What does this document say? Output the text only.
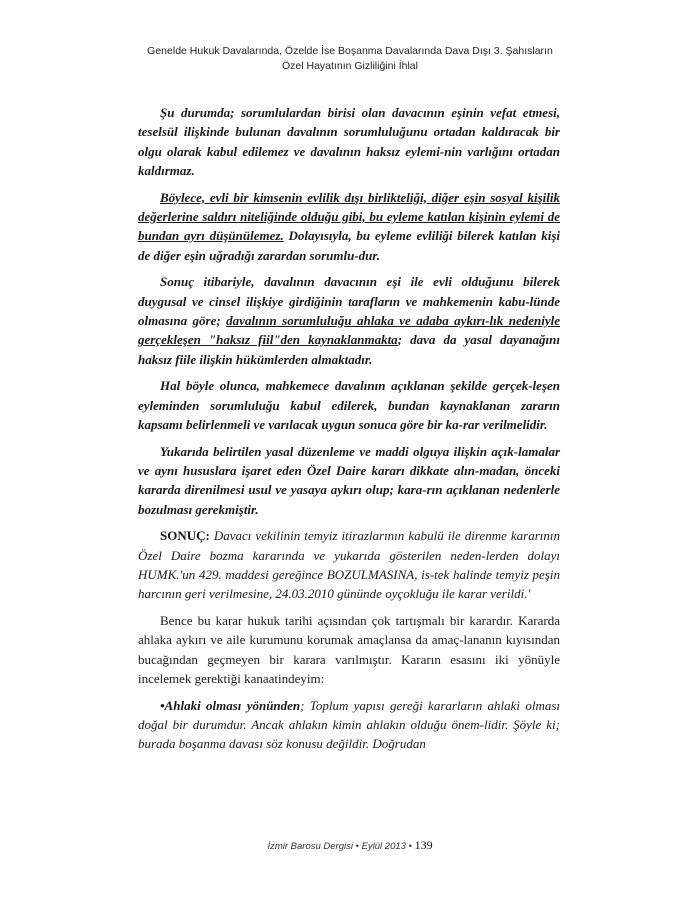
Genelde Hukuk Davalarında, Özelde İse Boşanma Davalarında Dava Dışı 3. Şahısların
Özel Hayatının Gizliliğini İhlal

Şu durumda; sorumlulardan birisi olan davacının eşinin vefat etmesi, teselsül ilişkinde bulunan davalının sorumluluğunu ortadan kaldıracak bir olgu olarak kabul edilemez ve davalının haksız eylemi-nin varlığını ortadan kaldırmaz.

Böylece, evli bir kimsenin evlilik dışı birlikteliği, diğer eşin sosyal kişilik değerlerine saldırı niteliğinde olduğu gibi, bu eyleme katılan kişinin eylemi de bundan ayrı düşünülemez. Dolayısıyla, bu eyleme evliliği bilerek katılan kişi de diğer eşin uğradığı zarardan sorumlu-dur.

Sonuç itibariyle, davalının davacının eşi ile evli olduğunu bilerek duygusal ve cinsel ilişkiye girdiğinin tarafların ve mahkemenin kabu-lünde olmasına göre; davalının sorumluluğu ahlaka ve adaba aykırı-lık nedeniyle gerçekleşen "haksız fiil"den kaynaklanmakta; dava da yasal dayanağını haksız fiile ilişkin hükümlerden almaktadır.

Hal böyle olunca, mahkemece davalının açıklanan şekilde gerçek-leşen eyleminden sorumluluğu kabul edilerek, bundan kaynaklanan zararın kapsamı belirlenmeli ve varılacak uygun sonuca göre bir ka-rar verilmelidir.

Yukarıda belirtilen yasal düzenleme ve maddi olguya ilişkin açık-lamalar ve aynı hususlara işaret eden Özel Daire kararı dikkate alın-madan, önceki kararda direnilmesi usul ve yasaya aykırı olup; kara-rın açıklanan nedenlerle bozulması gerekmiştir.

SONUÇ: Davacı vekilinin temyiz itirazlarının kabulü ile direnme kararının Özel Daire bozma kararında ve yukarıda gösterilen neden-lerden dolayı HUMK.'un 429. maddesi gereğince BOZULMASINA, is-tek halinde temyiz peşin harcının geri verilmesine, 24.03.2010 gününde oyçokluğu ile karar verildi.'

Bence bu karar hukuk tarihi açısından çok tartışmalı bir karardır. Kararda ahlaka aykırı ve aile kurumunu korumak amaçlansa da amaç-lananın kıyısından bucağından geçmeyen bir karara varılmıştır. Kararın esasını iki yönüyle incelemek gerektiği kanaatindeyim:

•Ahlaki olması yönünden; Toplum yapısı gereği kararların ahlaki olması doğal bir durumdur. Ancak ahlakın kimin ahlakın olduğu önem-lidir. Şöyle ki; burada boşanma davası söz konusu değildir. Doğrudan

İzmir Barosu Dergisi • Eylül 2013 • 139
